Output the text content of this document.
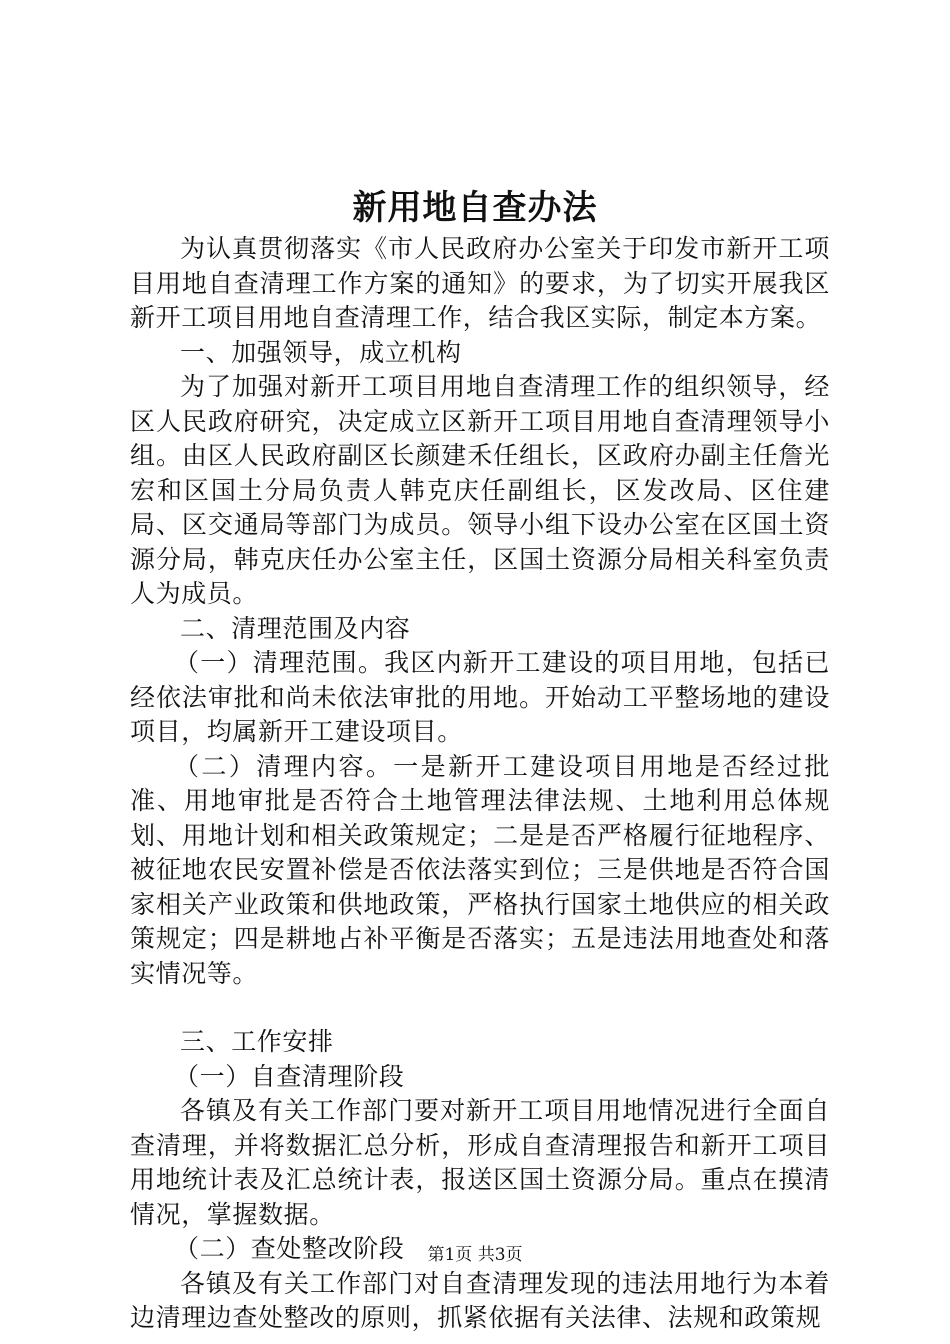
新用地自查办法

为认真贯彻落实《市人民政府办公室关于印发市新开工项目用地自查清理工作方案的通知》的要求，为了切实开展我区新开工项目用地自查清理工作，结合我区实际，制定本方案。

一、加强领导，成立机构

为了加强对新开工项目用地自查清理工作的组织领导，经区人民政府研究，决定成立区新开工项目用地自查清理领导小组。由区人民政府副区长颜建禾任组长，区政府办副主任詹光宏和区国土分局负责人韩克庆任副组长，区发改局、区住建局、区交通局等部门为成员。领导小组下设办公室在区国土资源分局，韩克庆任办公室主任，区国土资源分局相关科室负责人为成员。

二、清理范围及内容

（一）清理范围。我区内新开工建设的项目用地，包括已经依法审批和尚未依法审批的用地。开始动工平整场地的建设项目，均属新开工建设项目。

（二）清理内容。一是新开工建设项目用地是否经过批准、用地审批是否符合土地管理法律法规、土地利用总体规划、用地计划和相关政策规定；二是是否严格履行征地程序、被征地农民安置补偿是否依法落实到位；三是供地是否符合国家相关产业政策和供地政策，严格执行国家土地供应的相关政策规定；四是耕地占补平衡是否落实；五是违法用地查处和落实情况等。

三、工作安排

（一）自查清理阶段

各镇及有关工作部门要对新开工项目用地情况进行全面自查清理，并将数据汇总分析，形成自查清理报告和新开工项目用地统计表及汇总统计表，报送区国土资源分局。重点在摸清情况，掌握数据。

（二）查处整改阶段

各镇及有关工作部门对自查清理发现的违法用地行为本着边清理边查处整改的原则，抓紧依据有关法律、法规和政策规

第1页 共3页
